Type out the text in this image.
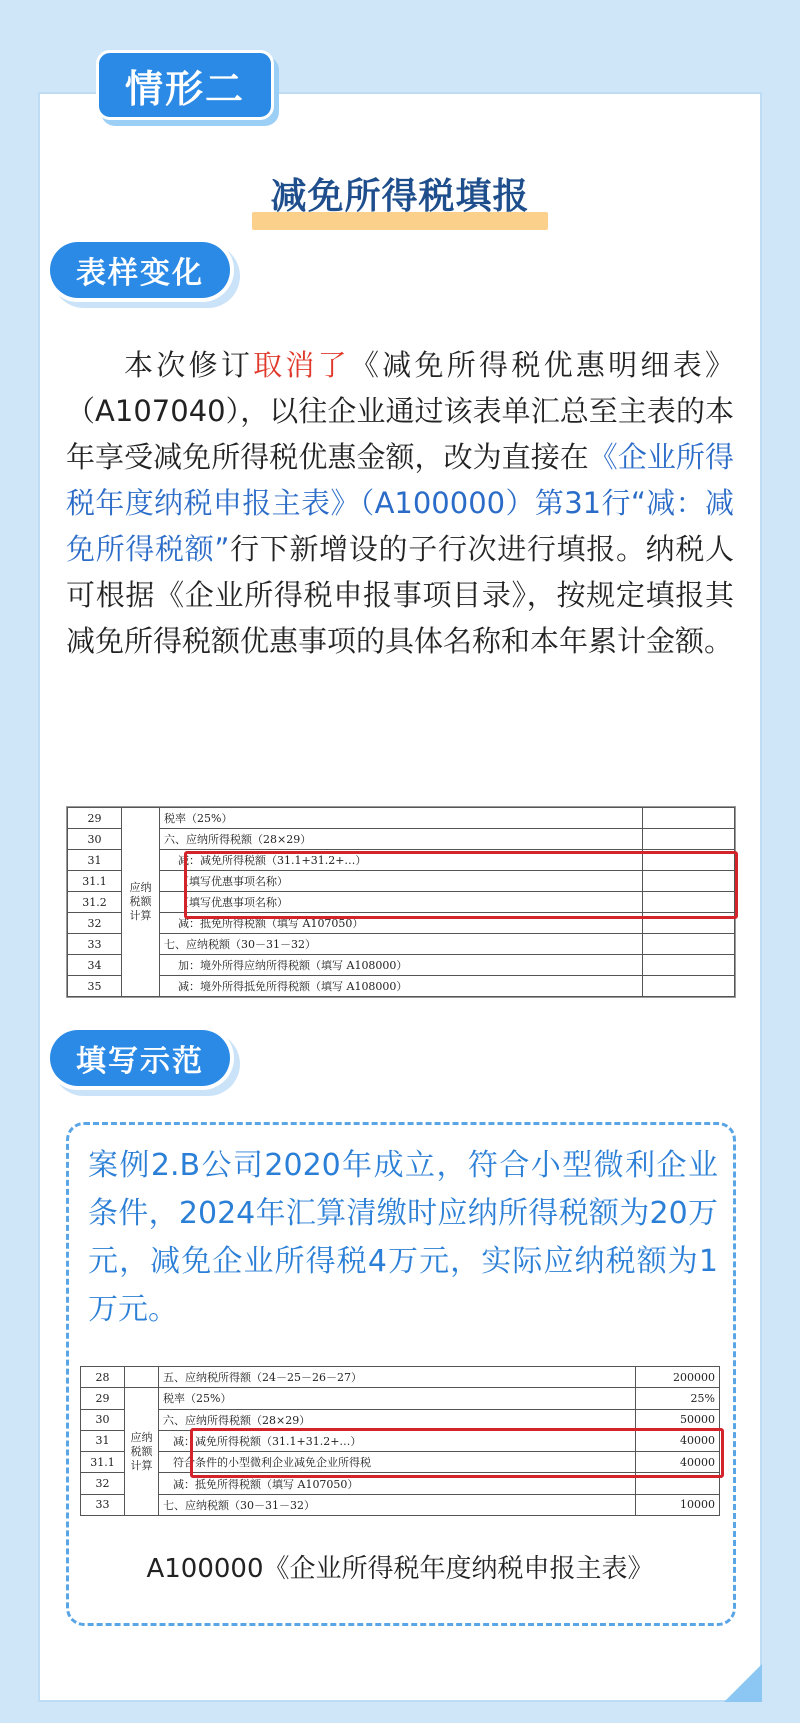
情形二
减免所得税填报
表样变化
本次修订取消了《减免所得税优惠明细表》（A107040），以往企业通过该表单汇总至主表的本年享受减免所得税优惠金额，改为直接在《企业所得税年度纳税申报主表》（A100000）第31行“减：减免所得税额”行下新增设的子行次进行填报。纳税人可根据《企业所得税申报事项目录》，按规定填报其减免所得税额优惠事项的具体名称和本年累计金额。
29	应纳税额计算	税率（25%）	
30		六、应纳所得税额（28×29）	
31		减：减免所得税额（31.1+31.2+…）	
31.1		（填写优惠事项名称）	
31.2		（填写优惠事项名称）	
32		减：抵免所得税额（填写 A107050）	
33		七、应纳税额（30－31－32）	
34		加：境外所得应纳所得税额（填写 A108000）	
35		减：境外所得抵免所得税额（填写 A108000）	
填写示范
案例2.B公司2020年成立，符合小型微利企业条件，2024年汇算清缴时应纳所得税额为20万元，减免企业所得税4万元，实际应纳税额为1万元。
28		五、应纳税所得额（24－25－26－27）	200000
29	应纳税额计算	税率（25%）	25%
30		六、应纳所得税额（28×29）	50000
31		减：减免所得税额（31.1+31.2+…）	40000
31.1		符合条件的小型微利企业减免企业所得税	40000
32		减：抵免所得税额（填写 A107050）	
33		七、应纳税额（30－31－32）	10000
A100000《企业所得税年度纳税申报主表》
